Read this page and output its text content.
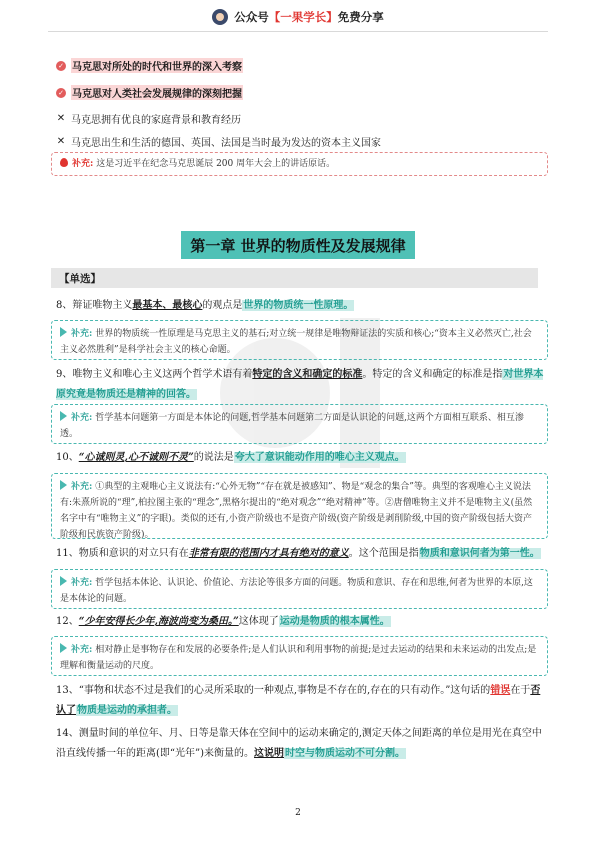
公众号【一果学长】免费分享
✓ 马克思对所处的时代和世界的深入考察
✓ 马克思对人类社会发展规律的深刻把握
✕ 马克思拥有优良的家庭背景和教育经历
✕ 马克思出生和生活的德国、英国、法国是当时最为发达的资本主义国家
补充: 这是习近平在纪念马克思诞辰 200 周年大会上的讲话原话。
第一章 世界的物质性及发展规律
【单选】
8、辩证唯物主义最基本、最核心的观点是世界的物质统一性原理。
补充: 世界的物质统一性原理是马克思主义的基石;对立统一规律是唯物辩证法的实质和核心;“资本主义必然灭亡,社会主义必然胜利”是科学社会主义的核心命题。
9、唯物主义和唯心主义这两个哲学术语有着特定的含义和确定的标准。特定的含义和确定的标准是指对世界本原究竟是物质还是精神的回答。
补充: 哲学基本问题第一方面是本体论的问题,哲学基本问题第二方面是认识论的问题,这两个方面相互联系、相互渗透。
10、“心诚则灵,心不诚则不灵”的说法是夸大了意识能动作用的唯心主义观点。
补充: ①典型的主观唯心主义说法有:“心外无物”“存在就是被感知”、物是“观念的集合”等。典型的客观唯心主义说法有:朱熹所说的“理”,柏拉图主张的“理念”,黑格尔提出的“绝对观念”“绝对精神”等。②唐僧唯物主义并不是唯物主义(虽然名字中有“唯物主义”的字眼)。类似的还有,小资产阶级也不是资产阶级(资产阶级是剥削阶级,中国的资产阶级包括大资产阶级和民族资产阶级)。
11、物质和意识的对立只有在非常有限的范围内才具有绝对的意义。这个范围是指物质和意识何者为第一性。
补充: 哲学包括本体论、认识论、价值论、方法论等很多方面的问题。物质和意识、存在和思维,何者为世界的本原,这是本体论的问题。
12、“少年安得长少年,海波尚变为桑田。”这体现了运动是物质的根本属性。
补充: 相对静止是事物存在和发展的必要条件;是人们认识和利用事物的前提;是过去运动的结果和未来运动的出发点;是理解和衡量运动的尺度。
13、“事物和状态不过是我们的心灵所采取的一种观点,事物是不存在的,存在的只有动作。”这句话的错误在于否认了物质是运动的承担者。
14、测量时间的单位年、月、日等是靠天体在空间中的运动来确定的,测定天体之间距离的单位是用光在真空中沿直线传播一年的距离(即“光年”)来衡量的。这说明时空与物质运动不可分割。
2
